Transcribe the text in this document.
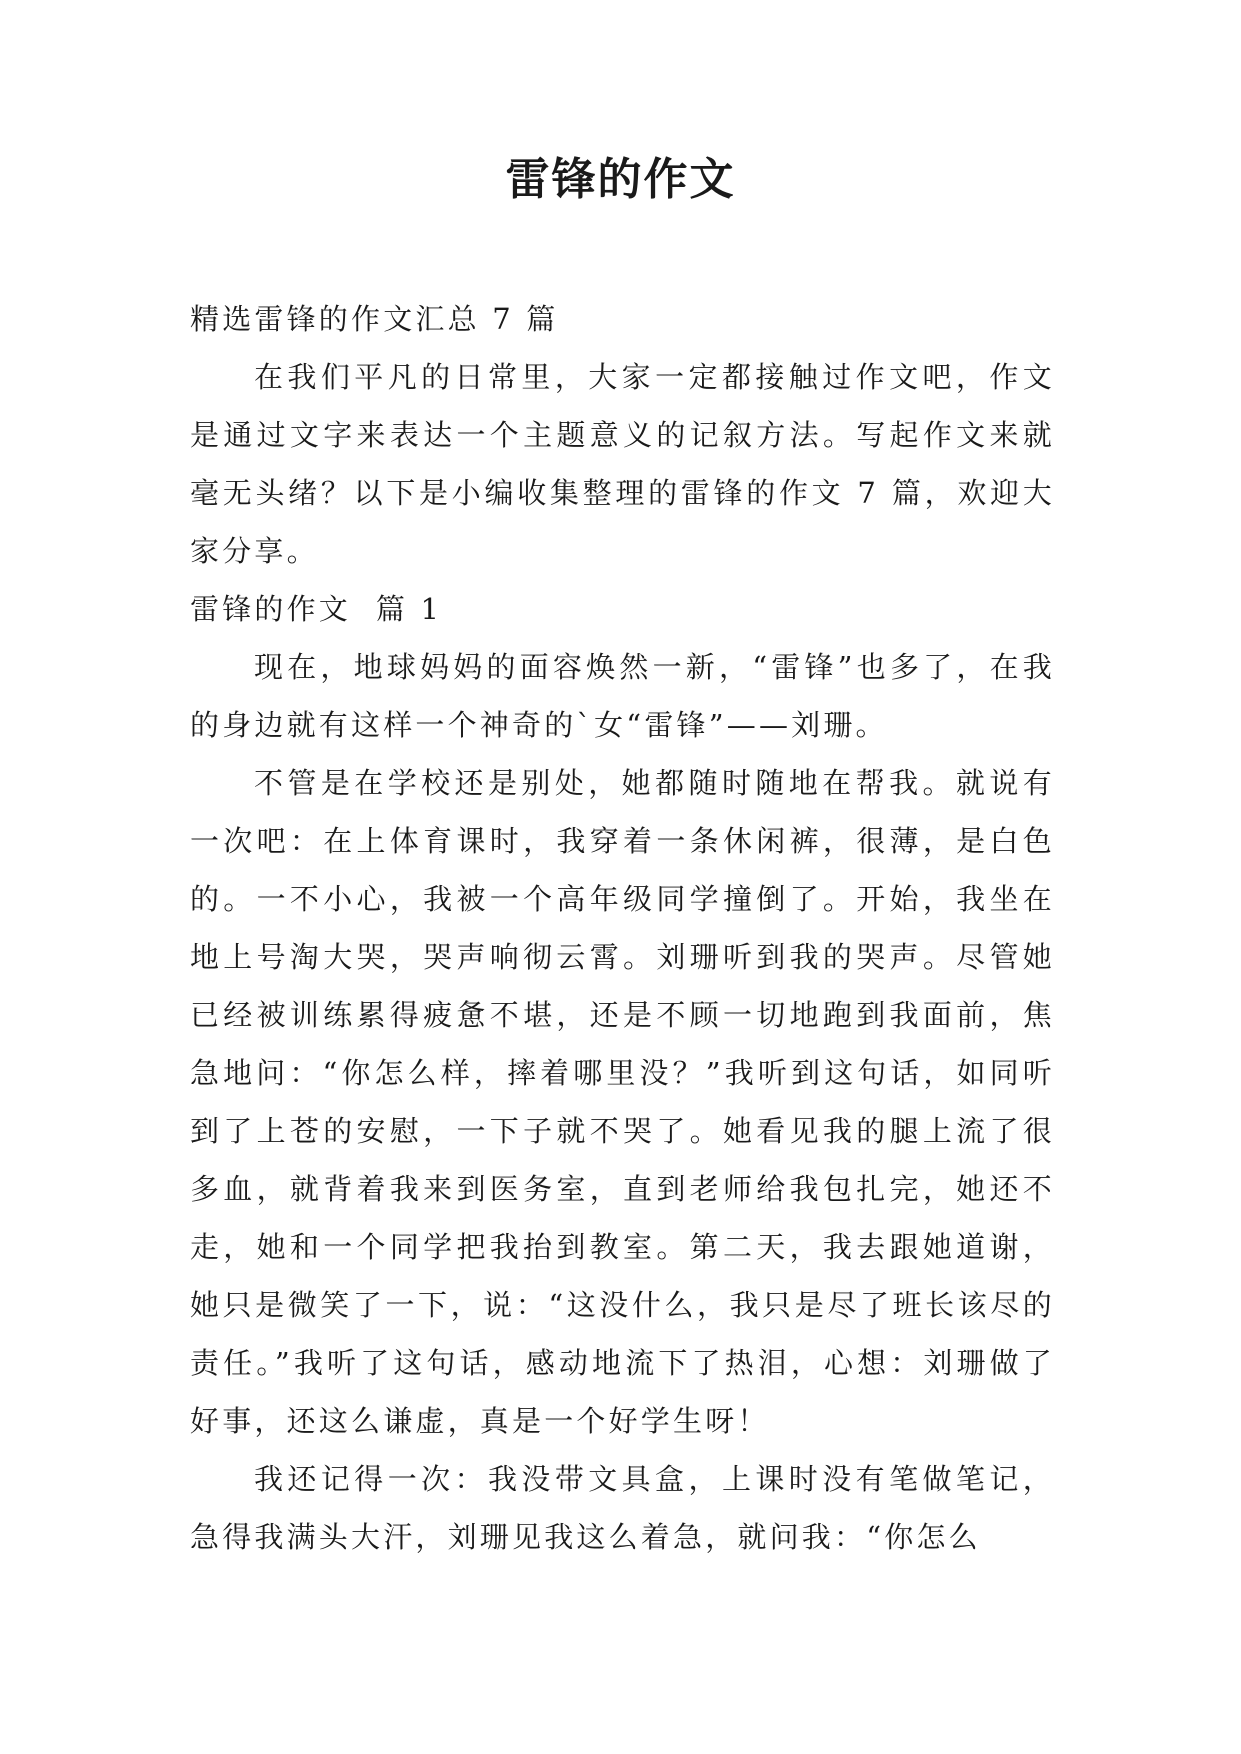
雷锋的作文

精选雷锋的作文汇总 7 篇

在我们平凡的日常里，大家一定都接触过作文吧，作文是通过文字来表达一个主题意义的记叙方法。写起作文来就毫无头绪？以下是小编收集整理的雷锋的作文 7 篇，欢迎大家分享。

雷锋的作文  篇 1

现在，地球妈妈的面容焕然一新，“雷锋”也多了，在我的身边就有这样一个神奇的`女“雷锋”——刘珊。

不管是在学校还是别处，她都随时随地在帮我。就说有一次吧：在上体育课时，我穿着一条休闲裤，很薄，是白色的。一不小心，我被一个高年级同学撞倒了。开始，我坐在地上号淘大哭，哭声响彻云霄。刘珊听到我的哭声。尽管她已经被训练累得疲惫不堪，还是不顾一切地跑到我面前，焦急地问：“你怎么样，摔着哪里没？”我听到这句话，如同听到了上苍的安慰，一下子就不哭了。她看见我的腿上流了很多血，就背着我来到医务室，直到老师给我包扎完，她还不走，她和一个同学把我抬到教室。第二天，我去跟她道谢，她只是微笑了一下，说：“这没什么，我只是尽了班长该尽的责任。”我听了这句话，感动地流下了热泪，心想：刘珊做了好事，还这么谦虚，真是一个好学生呀！

我还记得一次：我没带文具盒，上课时没有笔做笔记，急得我满头大汗，刘珊见我这么着急，就问我：“你怎么
